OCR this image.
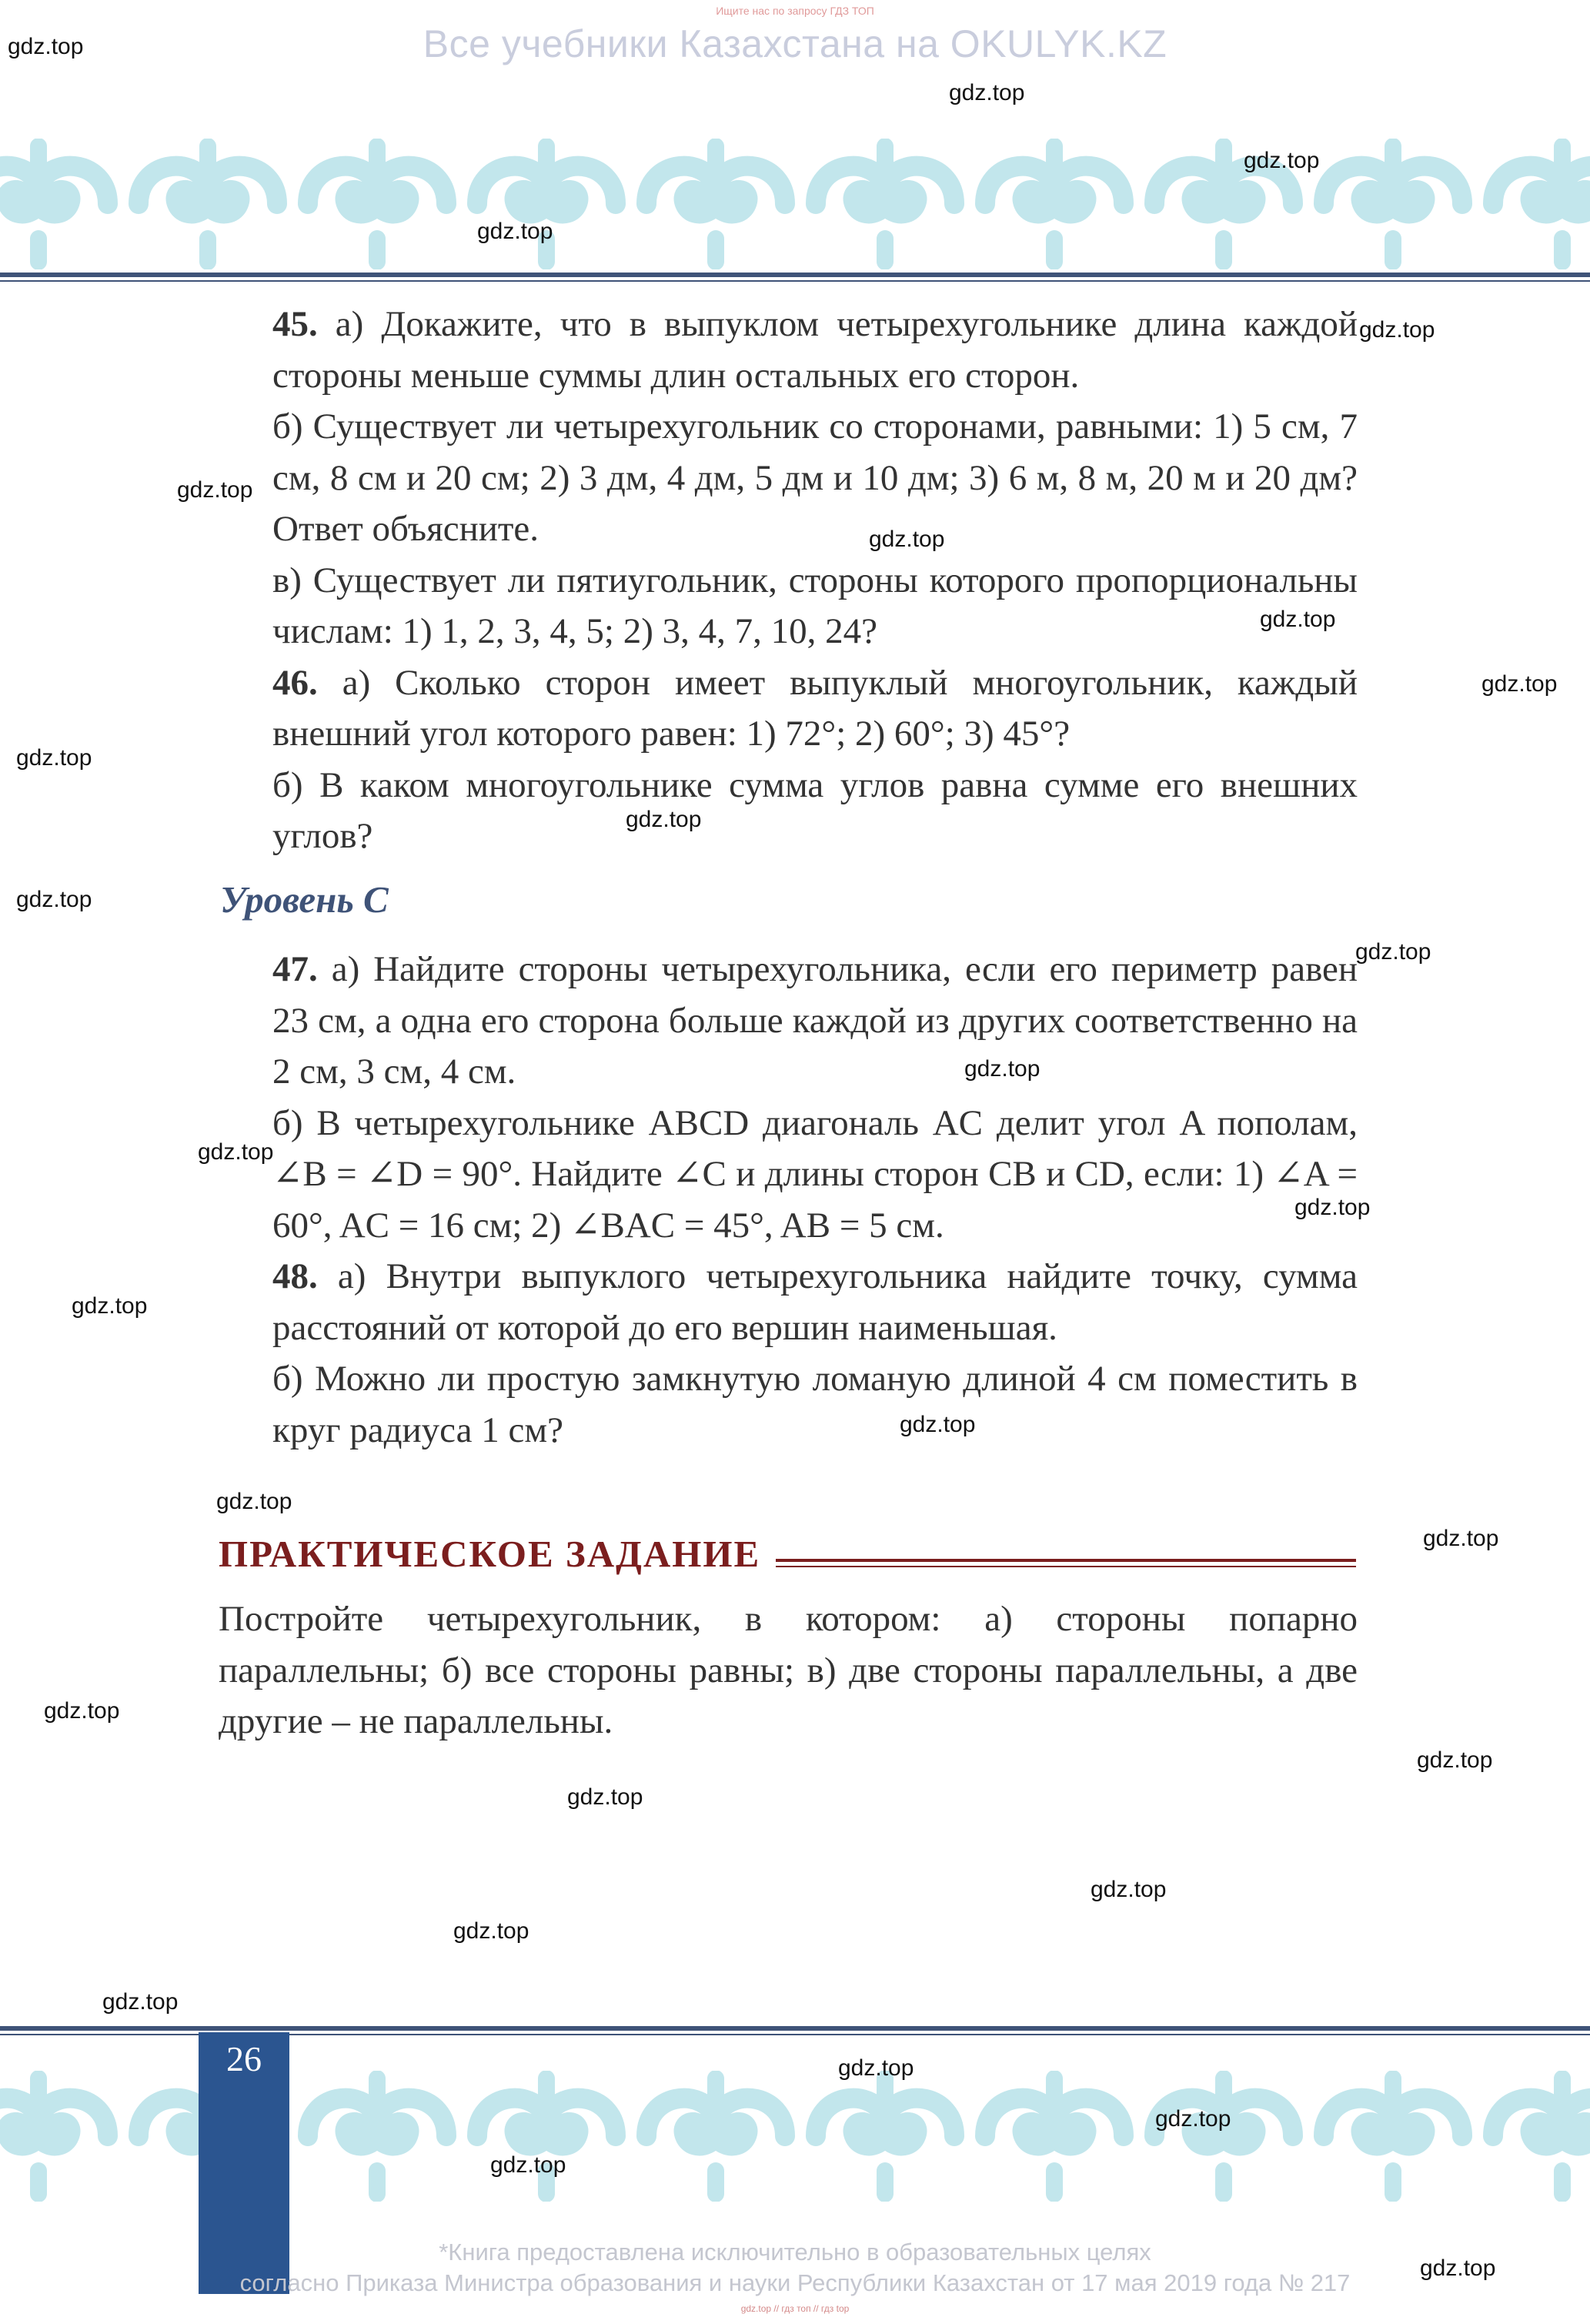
Ищите нас по запросу ГДЗ ТОП
Все учебники Казахстана на OKULYK.KZ

45. а) Докажите, что в выпуклом четырехугольнике длина каждой стороны меньше суммы длин остальных его сторон.

б) Существует ли четырехугольник со сторонами, равными: 1) 5 см, 7 см, 8 см и 20 см; 2) 3 дм, 4 дм, 5 дм и 10 дм; 3) 6 м, 8 м, 20 м и 20 дм? Ответ объясните.

в) Существует ли пятиугольник, стороны которого пропорциональны числам: 1) 1, 2, 3, 4, 5; 2) 3, 4, 7, 10, 24?

46. а) Сколько сторон имеет выпуклый многоугольник, каждый внешний угол которого равен: 1) 72°; 2) 60°; 3) 45°?

б) В каком многоугольнике сумма углов равна сумме его внешних углов?

Уровень С

47. а) Найдите стороны четырехугольника, если его периметр равен 23 см, а одна его сторона больше каждой из других соответственно на 2 см, 3 см, 4 см.

б) В четырехугольнике ABCD диагональ AC делит угол A пополам, ∠B = ∠D = 90°. Найдите ∠C и длины сторон CB и CD, если: 1) ∠A = 60°, AC = 16 см; 2) ∠BAC = 45°, AB = 5 см.

48. а) Внутри выпуклого четырехугольника найдите точку, сумма расстояний от которой до его вершин наименьшая.

б) Можно ли простую замкнутую ломаную длиной 4 см поместить в круг радиуса 1 см?

ПРАКТИЧЕСКОЕ ЗАДАНИЕ

Постройте четырехугольник, в котором: а) стороны попарно параллельны; б) все стороны равны; в) две стороны параллельны, а две другие – не параллельны.

26
*Книга предоставлена исключительно в образовательных целях
согласно Приказа Министра образования и науки Республики Казахстан от 17 мая 2019 года № 217
gdz.top // гдз топ // гдз top
gdz.top
gdz.top
gdz.top
gdz.top
gdz.top
gdz.top
gdz.top
gdz.top
gdz.top
gdz.top
gdz.top
gdz.top
gdz.top
gdz.top
gdz.top
gdz.top
gdz.top
gdz.top
gdz.top
gdz.top
gdz.top
gdz.top
gdz.top
gdz.top
gdz.top
gdz.top
gdz.top
gdz.top
gdz.top
gdz.top
